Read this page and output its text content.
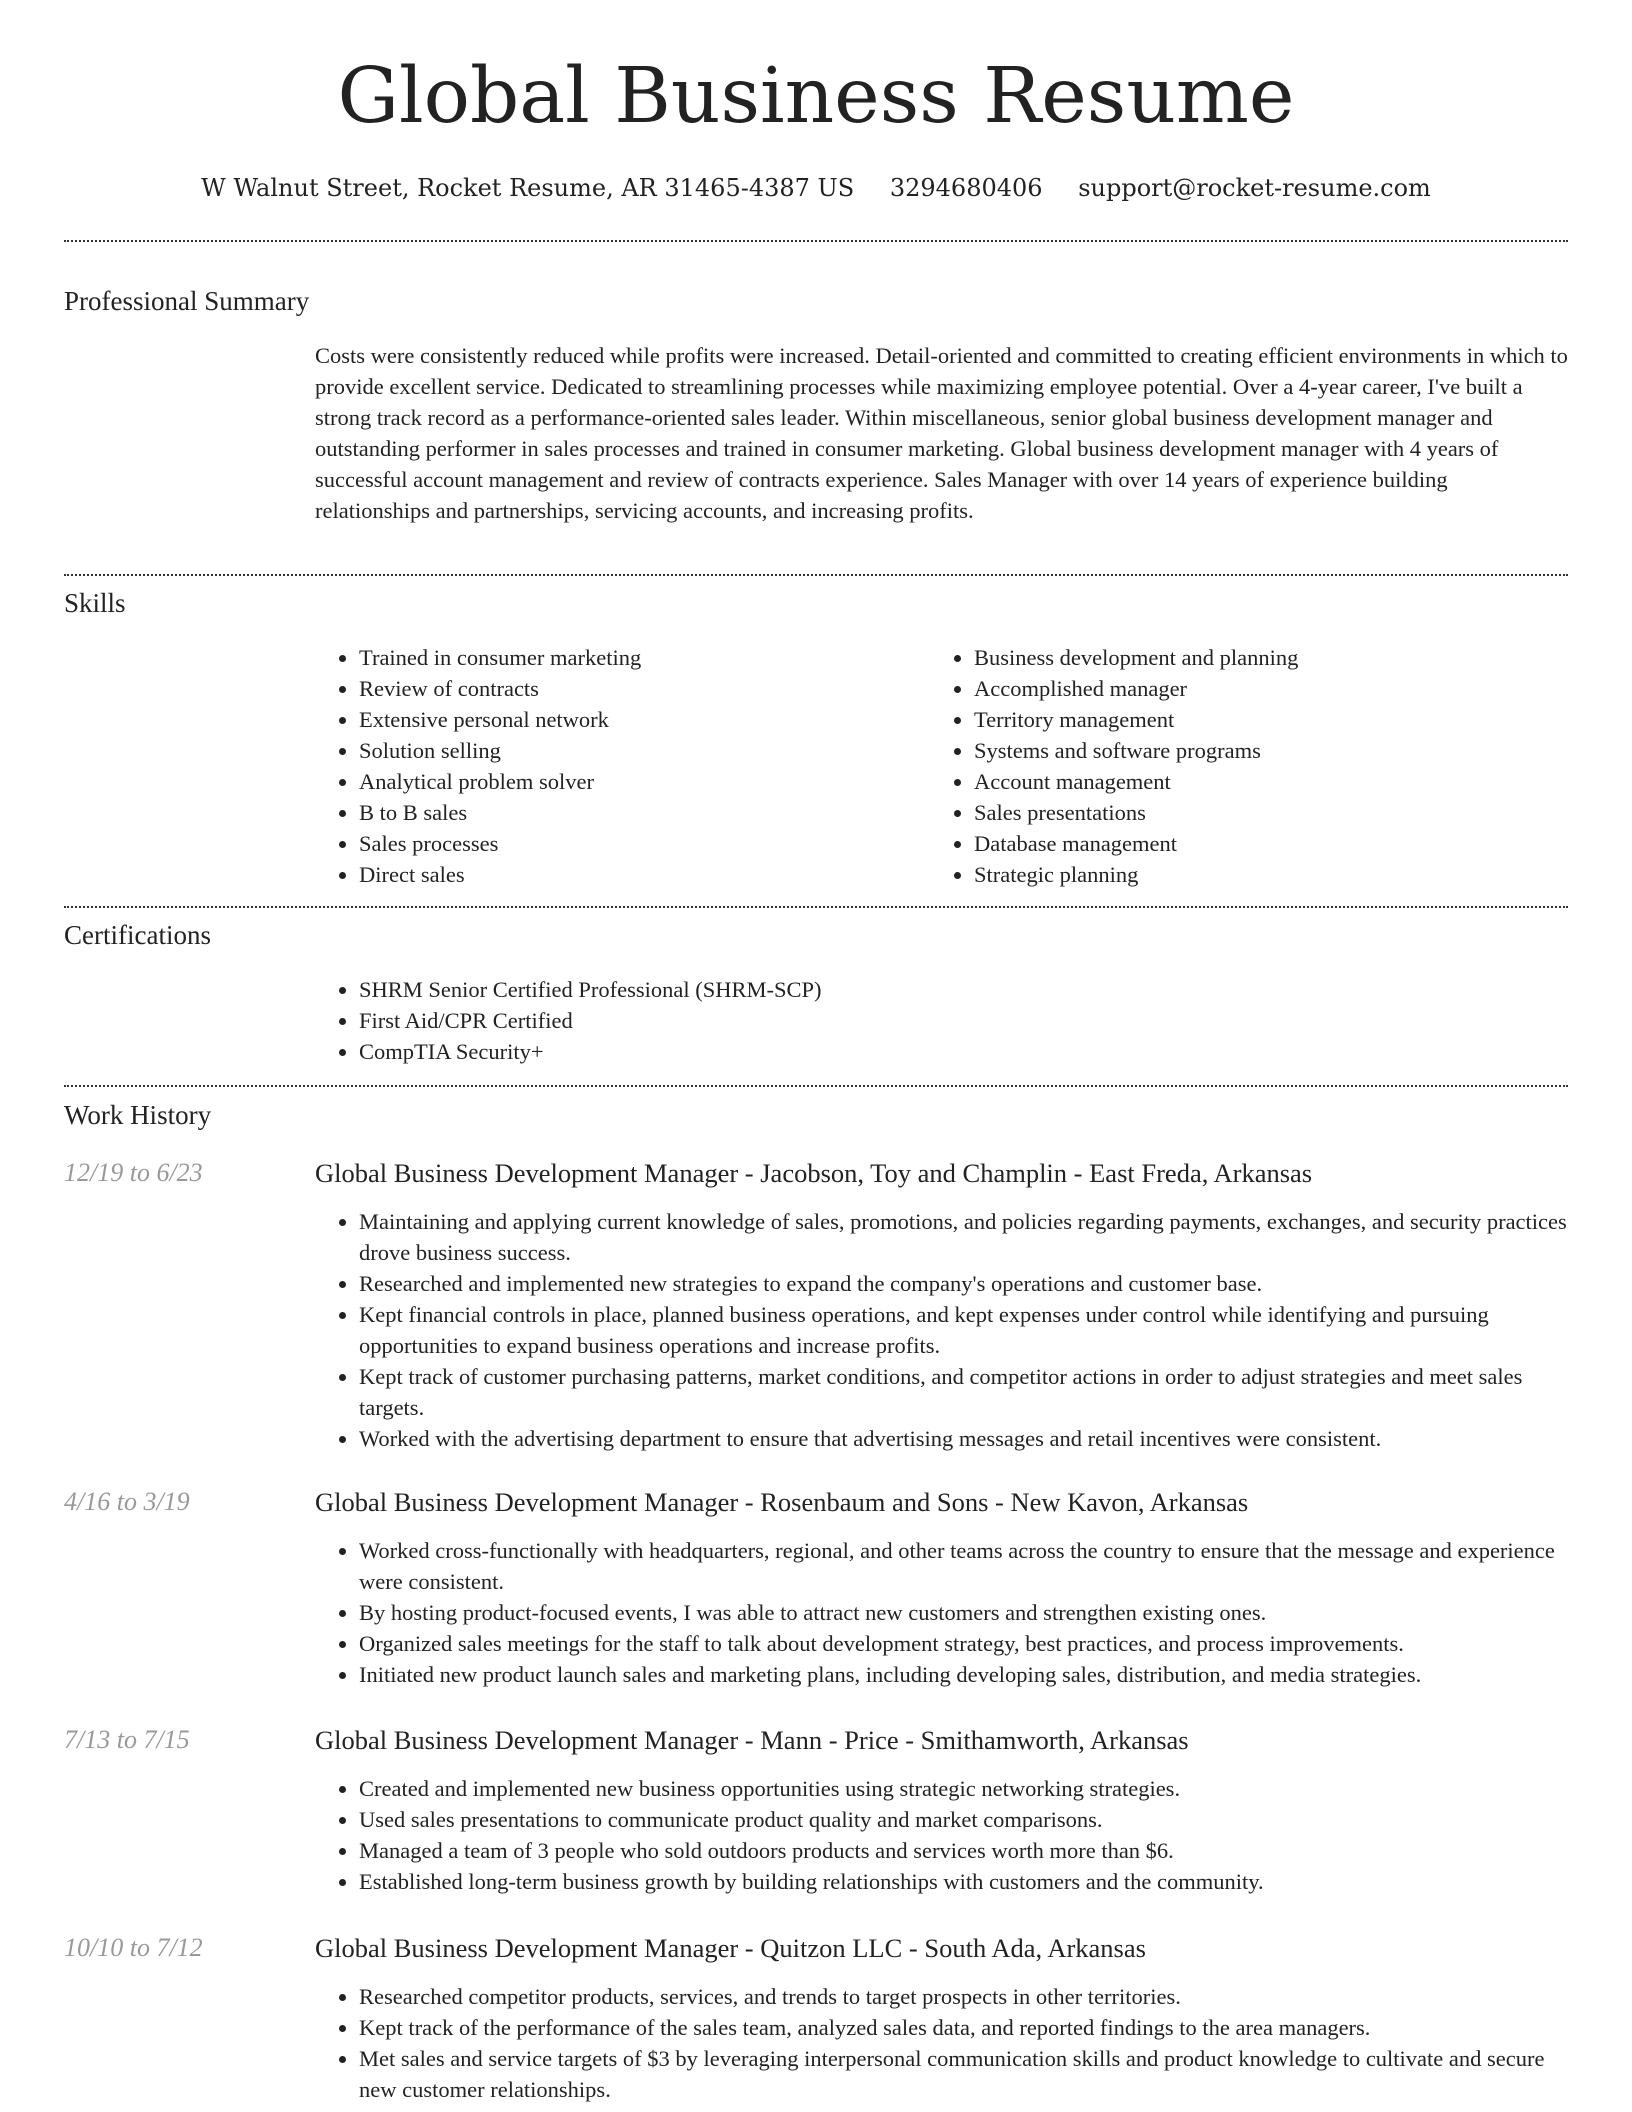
Global Business Resume
W Walnut Street, Rocket Resume, AR 31465-4387 US 3294680406 support@rocket-resume.com
Professional Summary
Costs were consistently reduced while profits were increased. Detail-oriented and committed to creating efficient environments in which to provide excellent service. Dedicated to streamlining processes while maximizing employee potential. Over a 4-year career, I've built a strong track record as a performance-oriented sales leader. Within miscellaneous, senior global business development manager and outstanding performer in sales processes and trained in consumer marketing. Global business development manager with 4 years of successful account management and review of contracts experience. Sales Manager with over 14 years of experience building relationships and partnerships, servicing accounts, and increasing profits.
Skills
• Trained in consumer marketing
• Review of contracts
• Extensive personal network
• Solution selling
• Analytical problem solver
• B to B sales
• Sales processes
• Direct sales
• Business development and planning
• Accomplished manager
• Territory management
• Systems and software programs
• Account management
• Sales presentations
• Database management
• Strategic planning
Certifications
• SHRM Senior Certified Professional (SHRM-SCP)
• First Aid/CPR Certified
• CompTIA Security+
Work History
12/19 to 6/23	Global Business Development Manager - Jacobson, Toy and Champlin - East Freda, Arkansas
• Maintaining and applying current knowledge of sales, promotions, and policies regarding payments, exchanges, and security practices drove business success.
• Researched and implemented new strategies to expand the company's operations and customer base.
• Kept financial controls in place, planned business operations, and kept expenses under control while identifying and pursuing opportunities to expand business operations and increase profits.
• Kept track of customer purchasing patterns, market conditions, and competitor actions in order to adjust strategies and meet sales targets.
• Worked with the advertising department to ensure that advertising messages and retail incentives were consistent.
4/16 to 3/19	Global Business Development Manager - Rosenbaum and Sons - New Kavon, Arkansas
• Worked cross-functionally with headquarters, regional, and other teams across the country to ensure that the message and experience were consistent.
• By hosting product-focused events, I was able to attract new customers and strengthen existing ones.
• Organized sales meetings for the staff to talk about development strategy, best practices, and process improvements.
• Initiated new product launch sales and marketing plans, including developing sales, distribution, and media strategies.
7/13 to 7/15	Global Business Development Manager - Mann - Price - Smithamworth, Arkansas
• Created and implemented new business opportunities using strategic networking strategies.
• Used sales presentations to communicate product quality and market comparisons.
• Managed a team of 3 people who sold outdoors products and services worth more than $6.
• Established long-term business growth by building relationships with customers and the community.
10/10 to 7/12	Global Business Development Manager - Quitzon LLC - South Ada, Arkansas
• Researched competitor products, services, and trends to target prospects in other territories.
• Kept track of the performance of the sales team, analyzed sales data, and reported findings to the area managers.
• Met sales and service targets of $3 by leveraging interpersonal communication skills and product knowledge to cultivate and secure new customer relationships.
